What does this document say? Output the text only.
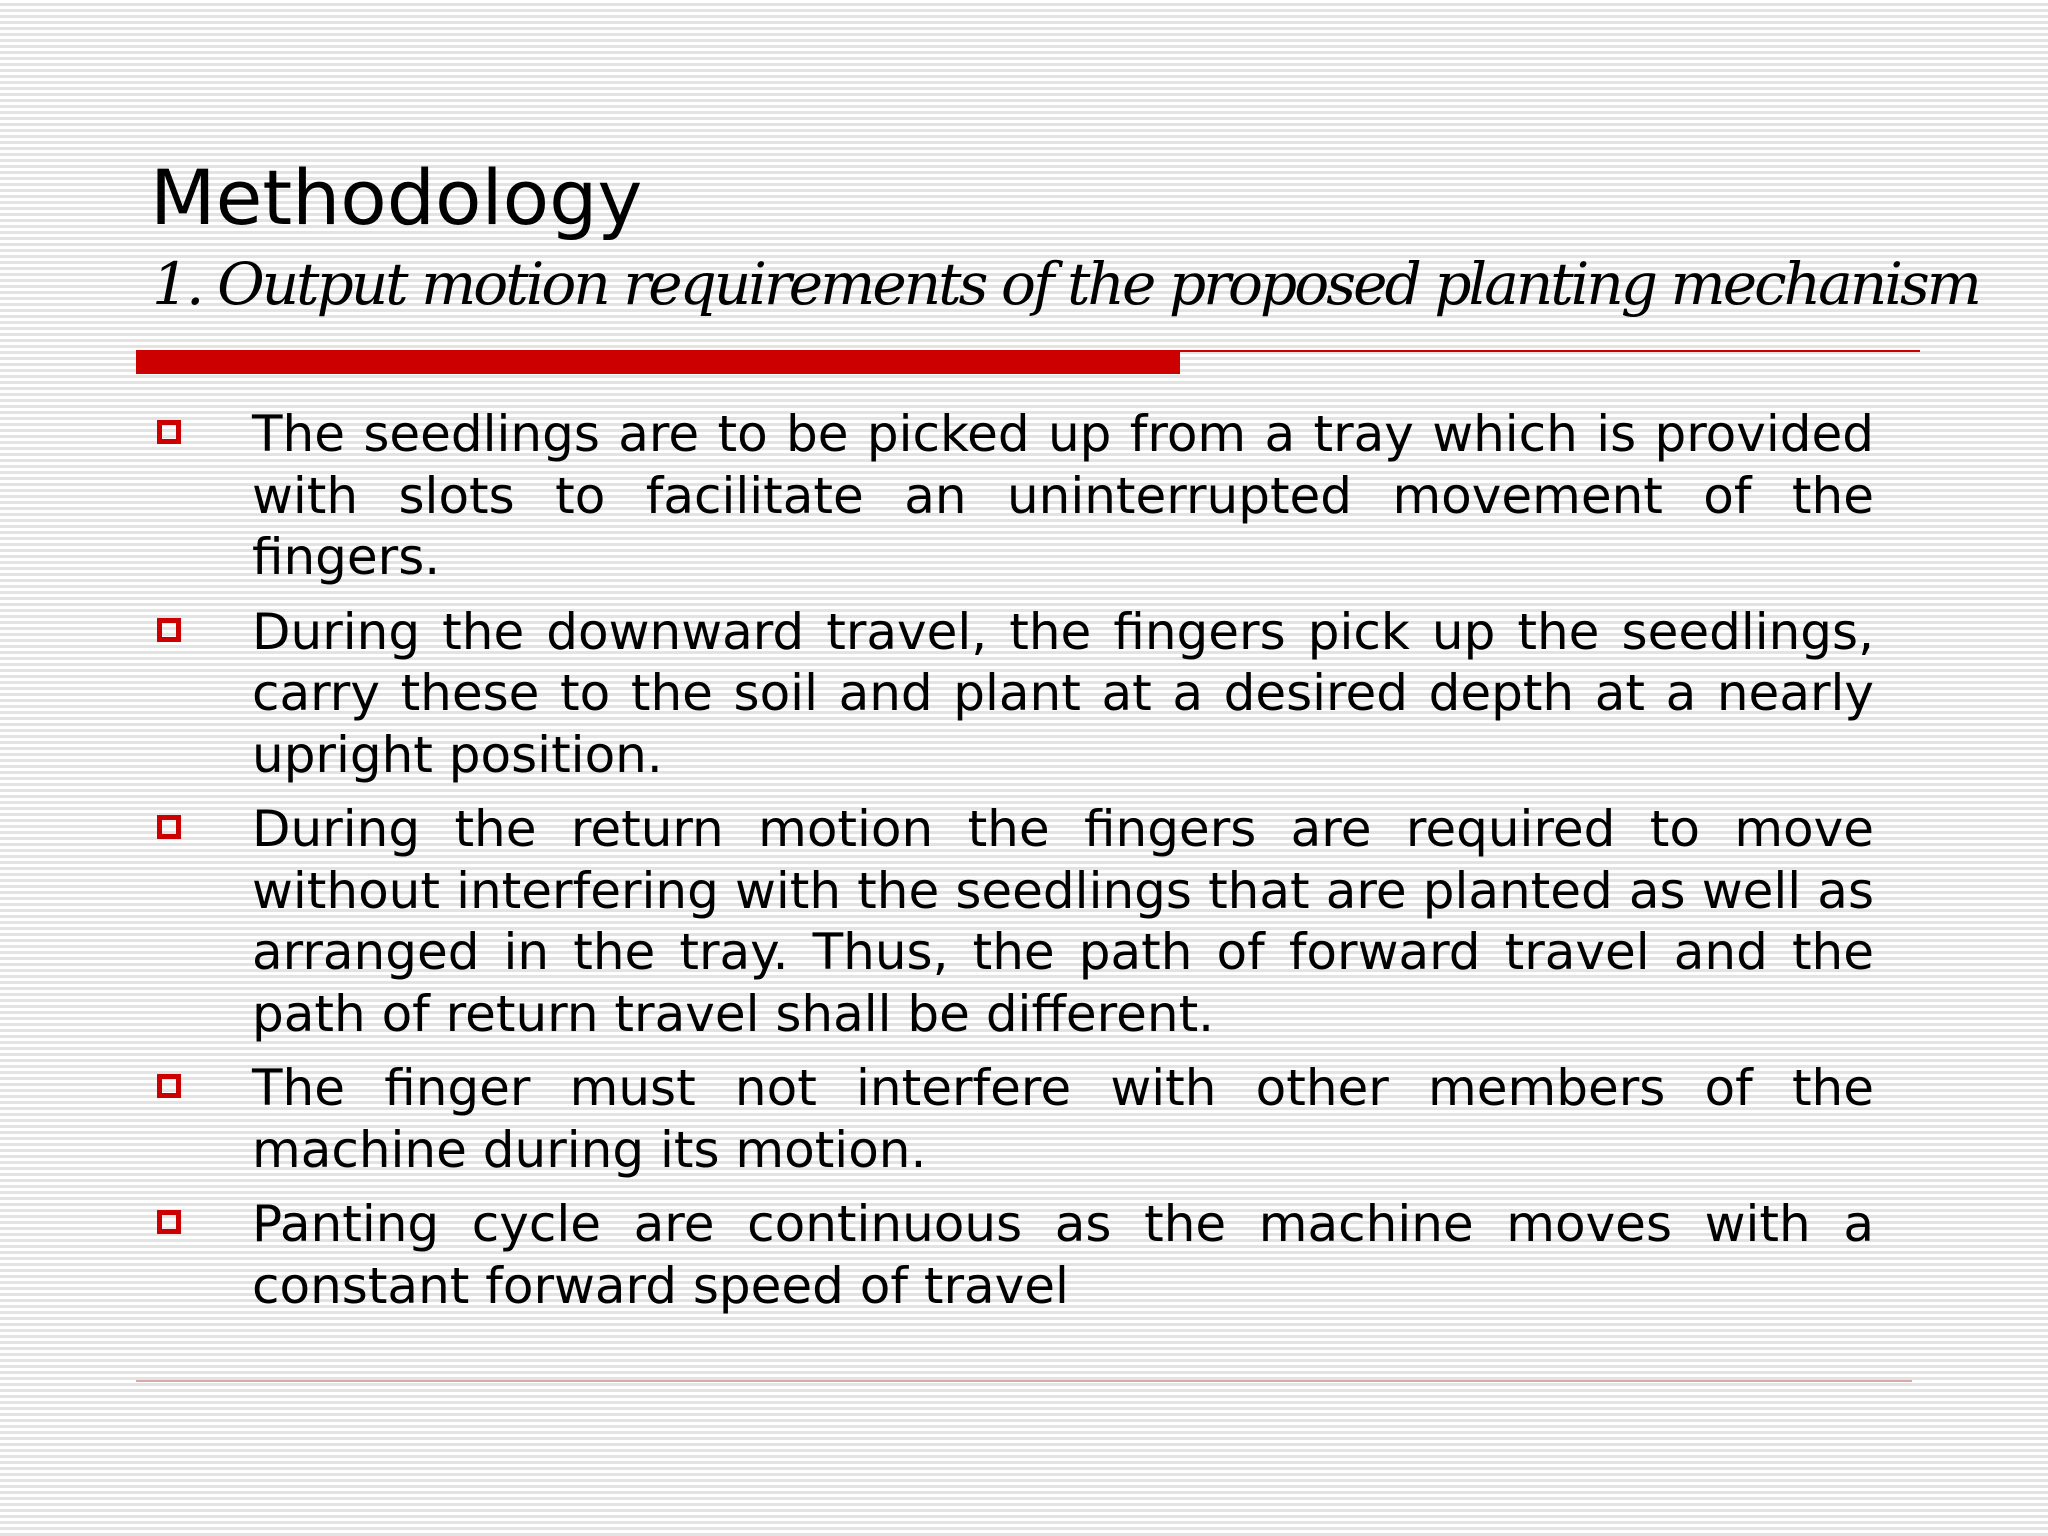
Methodology
1. Output motion requirements of the proposed planting mechanism
The seedlings are to be picked up from a tray which is provided with slots to facilitate an uninterrupted movement of the fingers.
During the downward travel, the fingers pick up the seedlings, carry these to the soil and plant at a desired depth at a nearly upright position.
During the return motion the fingers are required to move without interfering with the seedlings that are planted as well as arranged in the tray. Thus, the path of forward travel and the path of return travel shall be different.
The finger must not interfere with other members of the machine during its motion.
Panting cycle are continuous as the machine moves with a constant forward speed of travel
